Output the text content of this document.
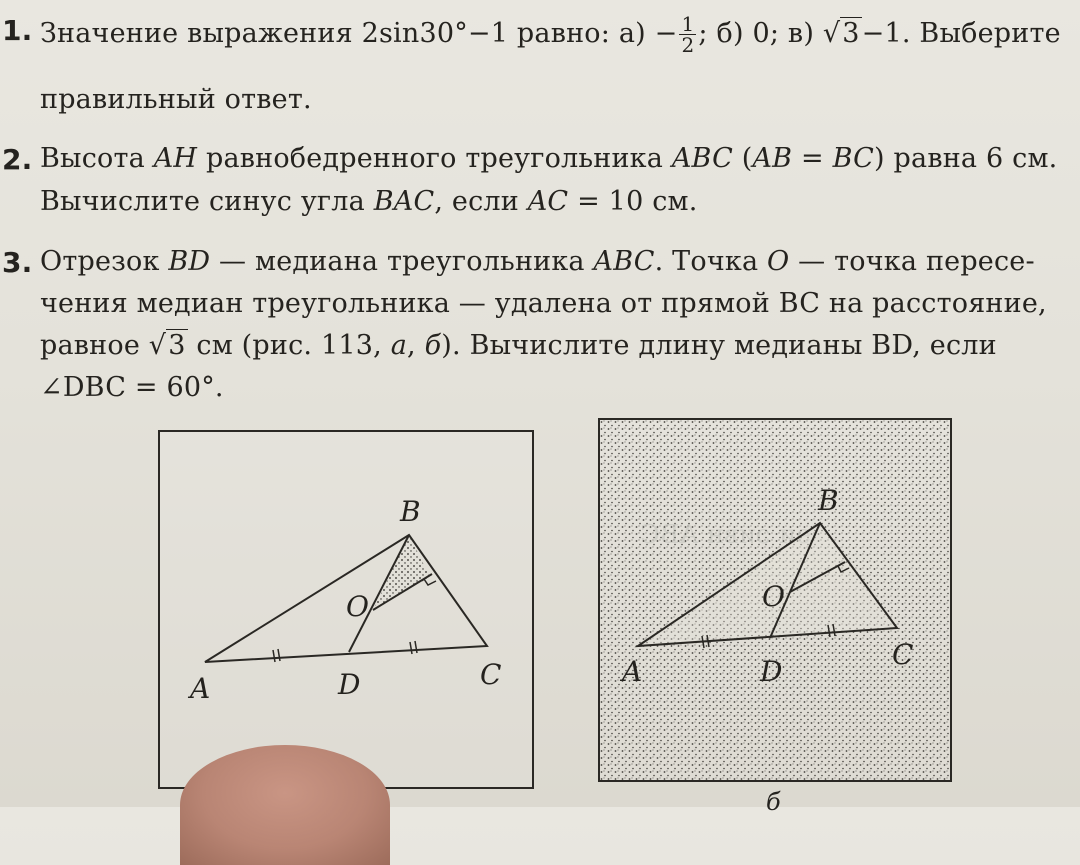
1. Значение выражения 2sin30°−1 равно: $а) - \frac{1}{2}$ ; б) 0; в) √3−1. Выберите
правильный ответ.
2. Высота AH равнобедренного треугольника ABC (AB = BC) равна 6 см.
Вычислите синус угла BAC, если AC = 10 см.
3. Отрезок BD — медиана треугольника ABC. Точка O — точка пересе-
чения медиан треугольника — удалена от прямой BC на расстояние,
равное √3 см (рис. 113, а, б). Вычислите длину медианы BD, если
∠DBC = 60°.
B
O
A	D	C
B
O
A	D
C
б
